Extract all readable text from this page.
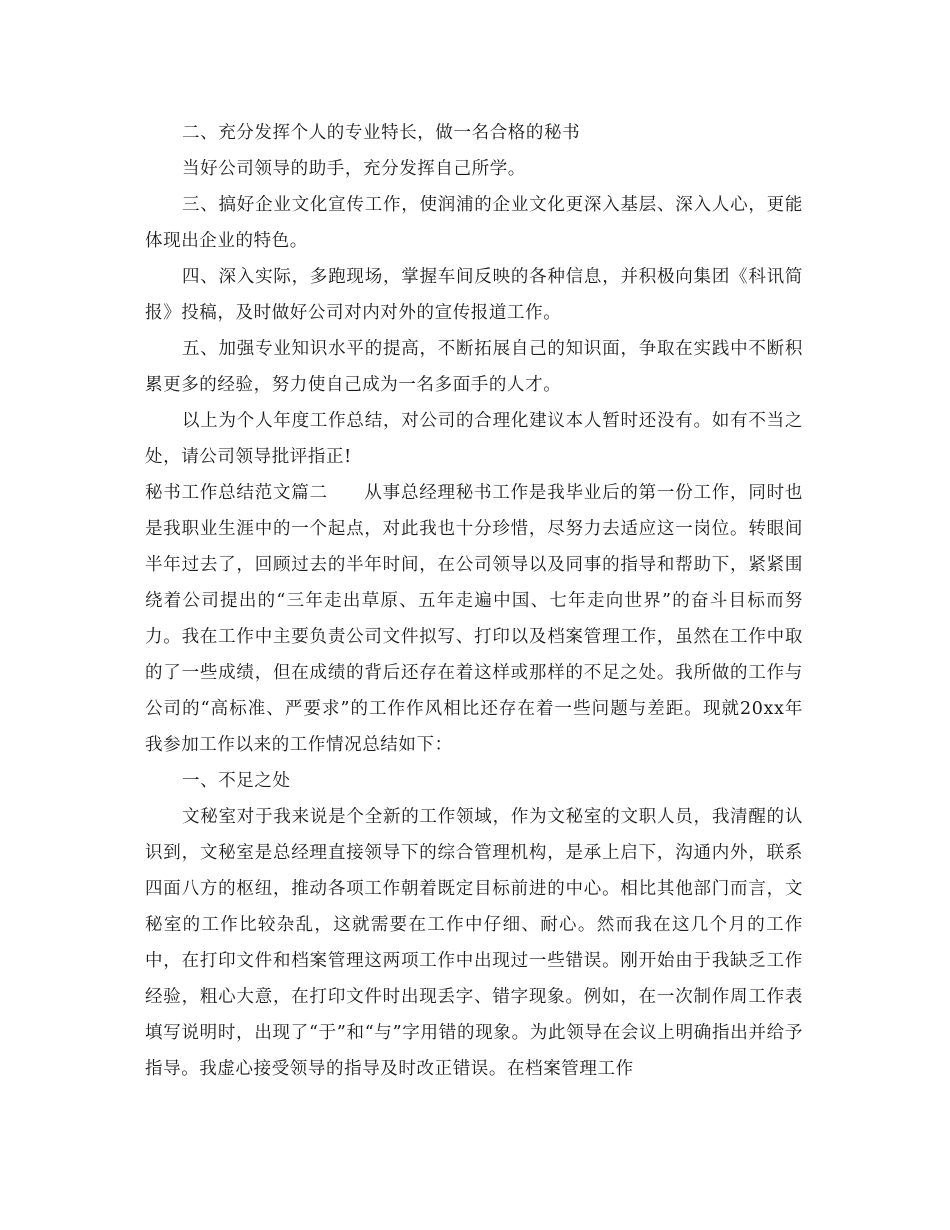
二、充分发挥个人的专业特长，做一名合格的秘书

当好公司领导的助手，充分发挥自己所学。

三、搞好企业文化宣传工作，使润浦的企业文化更深入基层、深入人心，更能体现出企业的特色。

四、深入实际，多跑现场，掌握车间反映的各种信息，并积极向集团《科讯简报》投稿，及时做好公司对内对外的宣传报道工作。

五、加强专业知识水平的提高，不断拓展自己的知识面，争取在实践中不断积累更多的经验，努力使自己成为一名多面手的人才。

以上为个人年度工作总结，对公司的合理化建议本人暂时还没有。如有不当之处，请公司领导批评指正!

秘书工作总结范文篇二　　从事总经理秘书工作是我毕业后的第一份工作，同时也是我职业生涯中的一个起点，对此我也十分珍惜，尽努力去适应这一岗位。转眼间半年过去了，回顾过去的半年时间，在公司领导以及同事的指导和帮助下，紧紧围绕着公司提出的“三年走出草原、五年走遍中国、七年走向世界”的奋斗目标而努力。我在工作中主要负责公司文件拟写、打印以及档案管理工作，虽然在工作中取的了一些成绩，但在成绩的背后还存在着这样或那样的不足之处。我所做的工作与公司的“高标准、严要求”的工作作风相比还存在着一些问题与差距。现就20xx年我参加工作以来的工作情况总结如下：

一、不足之处

文秘室对于我来说是个全新的工作领域，作为文秘室的文职人员，我清醒的认识到，文秘室是总经理直接领导下的综合管理机构，是承上启下，沟通内外，联系四面八方的枢纽，推动各项工作朝着既定目标前进的中心。相比其他部门而言，文秘室的工作比较杂乱，这就需要在工作中仔细、耐心。然而我在这几个月的工作中，在打印文件和档案管理这两项工作中出现过一些错误。刚开始由于我缺乏工作经验，粗心大意，在打印文件时出现丢字、错字现象。例如，在一次制作周工作表填写说明时，出现了“于”和“与”字用错的现象。为此领导在会议上明确指出并给予指导。我虚心接受领导的指导及时改正错误。在档案管理工作
